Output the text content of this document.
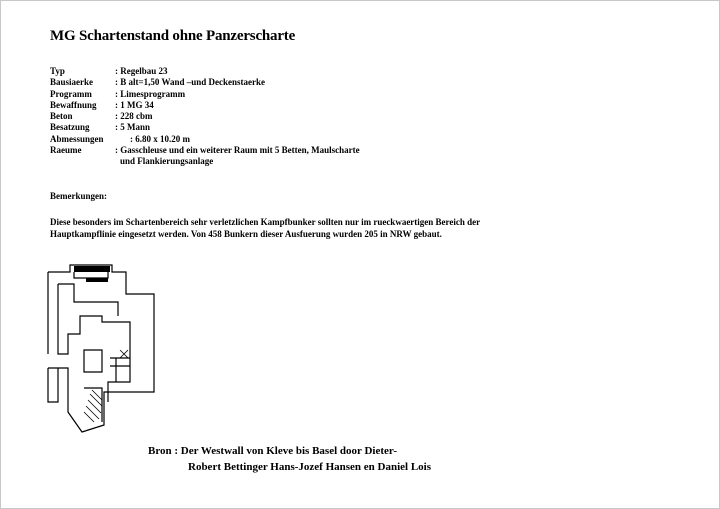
MG Schartenstand ohne Panzerscharte
Typ	: Regelbau 23
Bausiaerke : B alt=1,50 Wand –und Deckenstaerke
Programm	: Limesprogramm
Bewaffnung : 1 MG 34
Beton	: 228 cbm
Besatzung	: 5 Mann
Abmessungen	: 6.80 x 10.20 m
Raeume	: Gasschleuse und ein weiterer Raum mit 5 Betten, Maulscharte
und Flankierungsanlage
Bemerkungen:
Diese besonders im Schartenbereich sehr verletzlichen Kampfbunker sollten nur im rueckwaertigen Bereich der Hauptkampflinie eingesetzt werden. Von 458 Bunkern dieser Ausfuerung wurden 205 in NRW gebaut.
Bron : Der Westwall von Kleve bis Basel door Dieter-
Robert Bettinger Hans-Jozef Hansen en Daniel Lois
